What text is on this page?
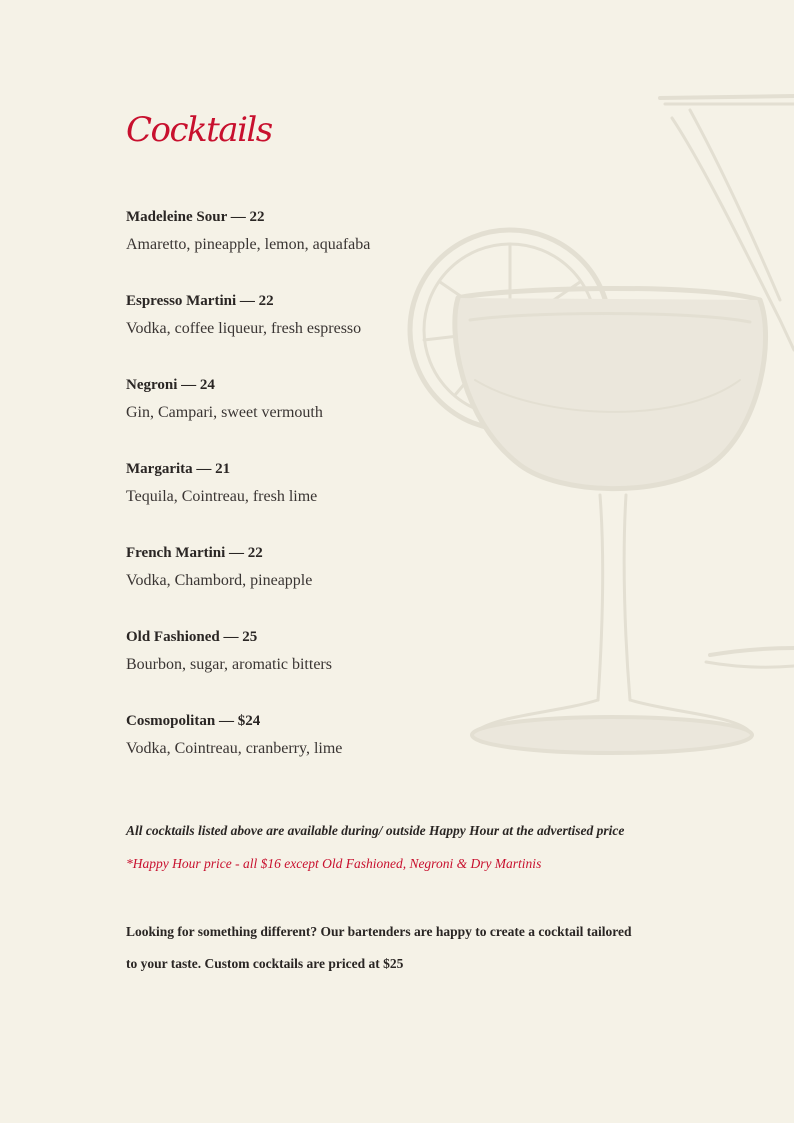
Cocktails
Madeleine Sour — 22
Amaretto, pineapple, lemon, aquafaba
Espresso Martini — 22
Vodka, coffee liqueur, fresh espresso
Negroni — 24
Gin, Campari, sweet vermouth
Margarita — 21
Tequila, Cointreau, fresh lime
French Martini — 22
Vodka, Chambord, pineapple
Old Fashioned — 25
Bourbon, sugar, aromatic bitters
Cosmopolitan — $24
Vodka, Cointreau, cranberry, lime
All cocktails listed above are available during/ outside Happy Hour at the advertised price
*Happy Hour price - all $16 except Old Fashioned, Negroni & Dry Martinis
Looking for something different? Our bartenders are happy to create a cocktail tailored
to your taste. Custom cocktails are priced at $25
